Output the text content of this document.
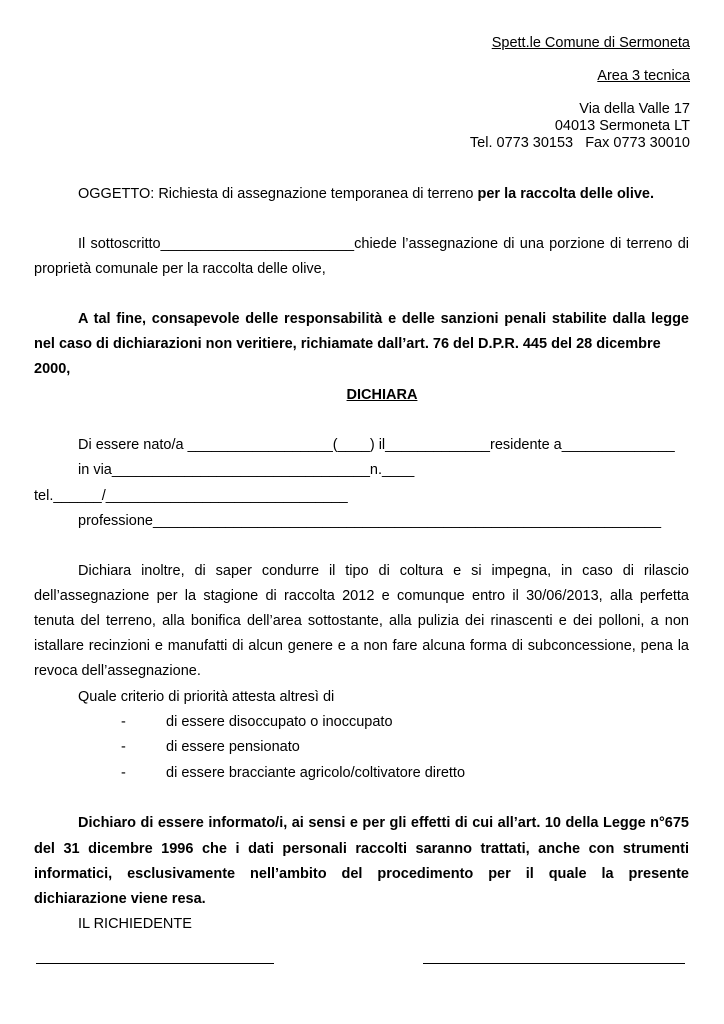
Spett.le Comune di Sermoneta
Area 3 tecnica
Via della Valle 17
04013 Sermoneta LT
Tel. 0773 30153   Fax 0773 30010
OGGETTO: Richiesta di assegnazione temporanea di terreno per la raccolta delle olive.
Il sottoscritto________________________chiede l’assegnazione di una porzione di terreno di
proprietà comunale per la raccolta delle olive,
A tal fine, consapevole delle responsabilità e delle sanzioni penali stabilite dalla legge
nel caso di dichiarazioni non veritiere, richiamate dall’art. 76 del D.P.R. 445 del 28 dicembre
2000,
DICHIARA
Di essere nato/a __________________(____) il_____________residente a______________
in via________________________________n.____
tel.______/______________________________
professione_______________________________________________________________
Dichiara inoltre, di saper condurre il tipo di coltura e si impegna, in caso di rilascio
dell’assegnazione per la stagione di raccolta 2012 e comunque entro il 30/06/2013, alla perfetta
tenuta del terreno, alla bonifica dell’area sottostante, alla pulizia dei rinascenti e dei polloni, a non
istallare recinzioni e manufatti di alcun genere e a non fare alcuna forma di subconcessione, pena la
revoca dell’assegnazione.
Quale criterio di priorità attesta altresì di
-	di essere disoccupato o inoccupato
-	di essere pensionato
-	di essere bracciante agricolo/coltivatore diretto
Dichiaro di essere informato/i, ai sensi e per gli effetti di cui all’art. 10 della Legge n°675
del 31 dicembre 1996 che i dati personali raccolti saranno trattati, anche con strumenti
informatici, esclusivamente nell’ambito del procedimento per il quale la presente
dichiarazione viene resa.
IL RICHIEDENTE
